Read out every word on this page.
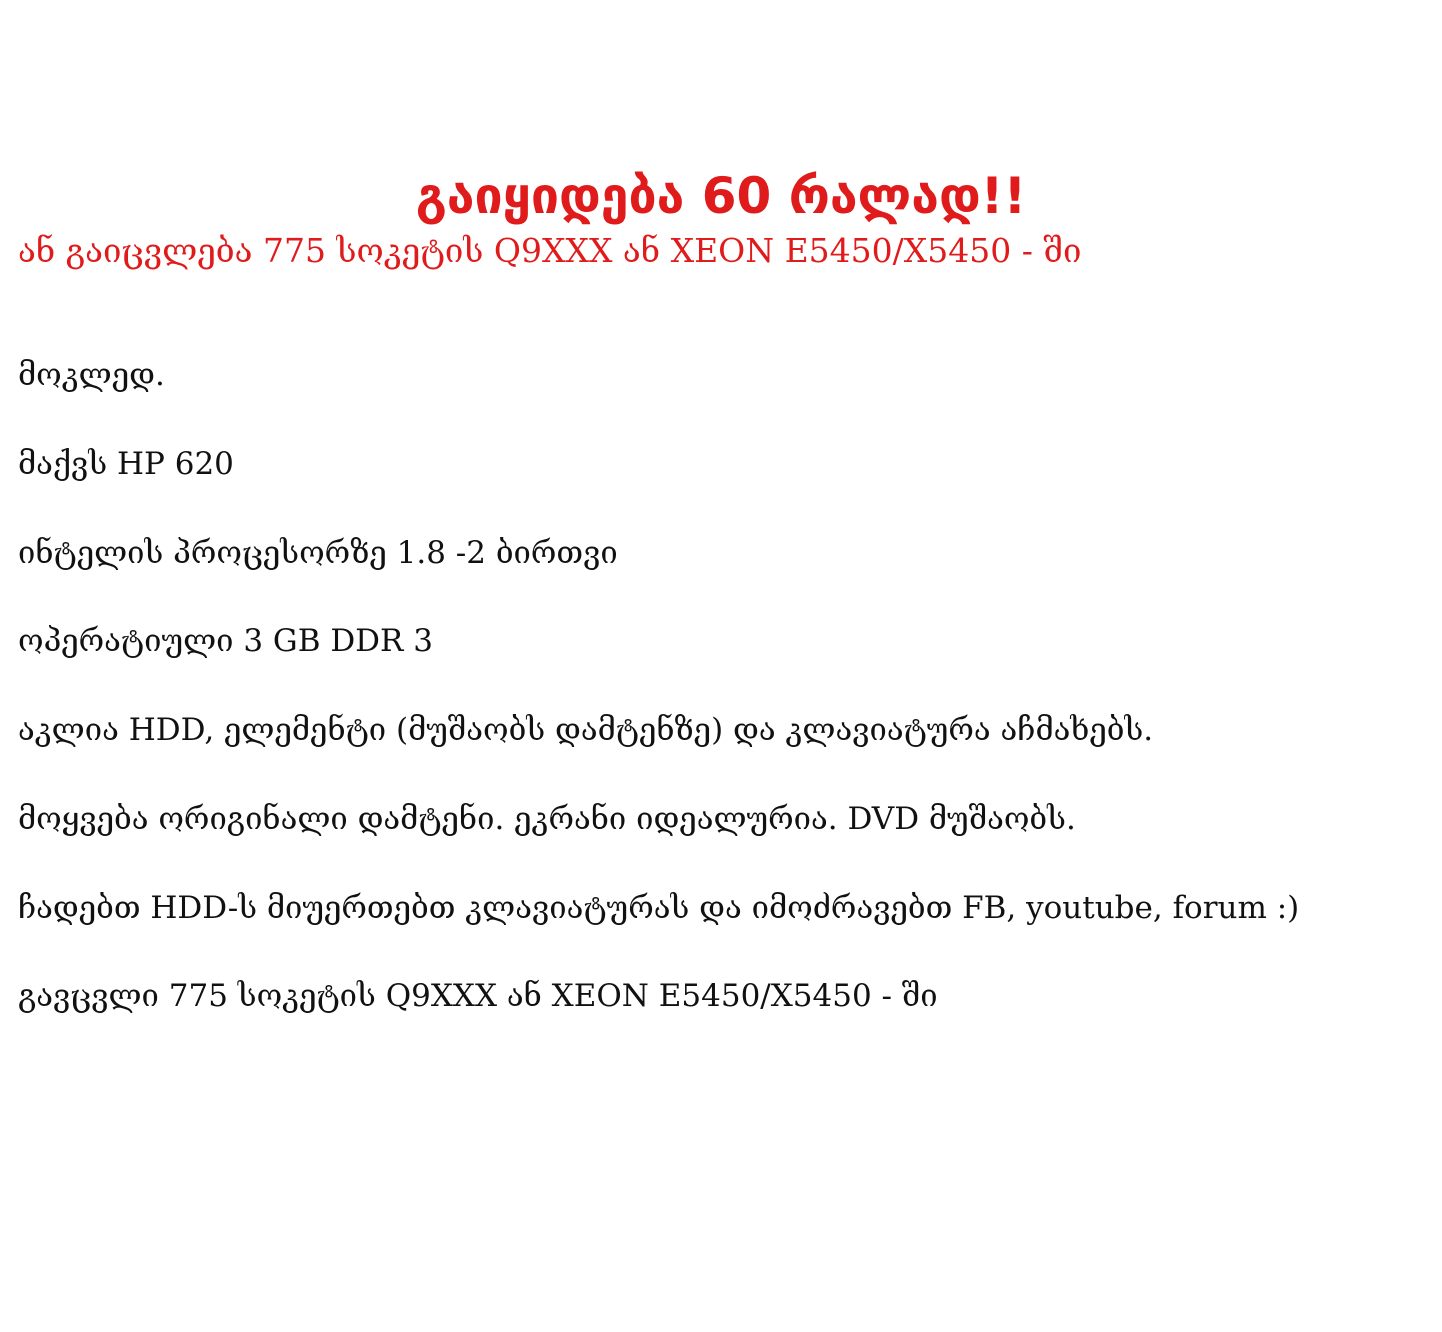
გაიყიდება 60 რალად!!
ან გაიცვლება 775 სოკეტის Q9XXX ან XEON E5450/X5450 - ში

მოკლედ.

მაქვს HP 620

ინტელის პროცესორზე 1.8 -2 ბირთვი

ოპერატიული 3 GB DDR 3

აკლია HDD, ელემენტი (მუშაობს დამტენზე) და კლავიატურა აჩმახებს.

მოყვება ორიგინალი დამტენი. ეკრანი იდეალურია. DVD მუშაობს.

ჩადებთ HDD-ს მიუერთებთ კლავიატურას და იმოძრავებთ FB, youtube, forum :)

გავცვლი 775 სოკეტის Q9XXX ან XEON E5450/X5450 - ში
